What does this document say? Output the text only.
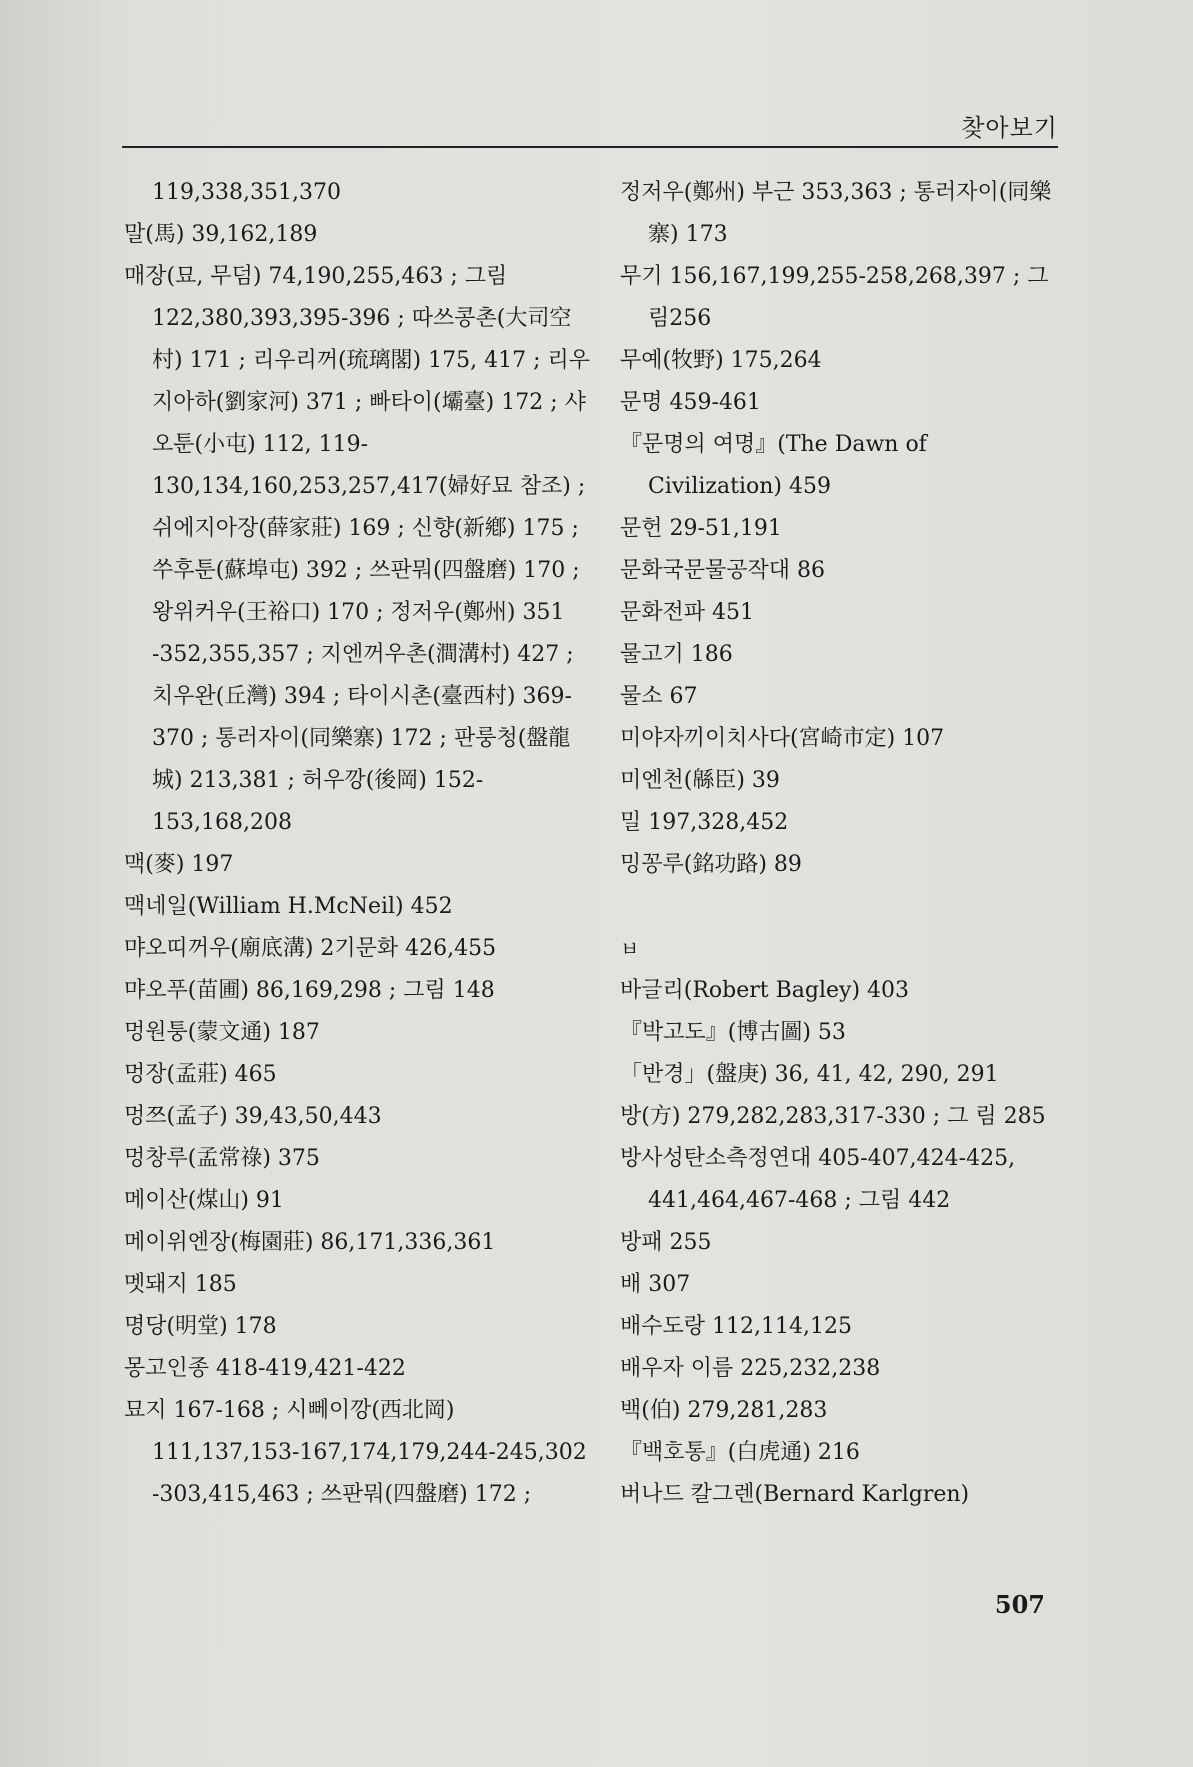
찾아보기
119,338,351,370
말(馬) 39,162,189
매장(묘, 무덤) 74,190,255,463 ; 그림 122,380,393,395-396 ; 따쓰콩촌(大司空村) 171 ; 리우리꺼(琉璃閣) 175, 417 ; 리우지아하(劉家河) 371 ; 빠타이(壩臺) 172 ; 샤오툰(小屯) 112, 119-130,134,160,253,257,417(婦好묘 참조) ; 쉬에지아장(薛家莊) 169 ; 신향(新鄕) 175 ; 쑤후툰(蘇埠屯) 392 ; 쓰판뭐(四盤磨) 170 ; 왕위커우(王裕口) 170 ; 정저우(鄭州) 351 -352,355,357 ; 지엔꺼우촌(澗溝村) 427 ; 치우완(丘灣) 394 ; 타이시촌(臺西村) 369-370 ; 통러자이(同樂寨) 172 ; 판룽청(盤龍城) 213,381 ; 허우깡(後岡) 152-153,168,208
맥(麥) 197
맥네일(William H.McNeil) 452
먀오띠꺼우(廟底溝) 2기문화 426,455
먀오푸(苗圃) 86,169,298 ; 그림 148
멍원퉁(蒙文通) 187
멍장(孟莊) 465
멍쯔(孟子) 39,43,50,443
멍창루(孟常祿) 375
메이산(煤山) 91
메이위엔장(梅園莊) 86,171,336,361
멧돼지 185
명당(明堂) 178
몽고인종 418-419,421-422
묘지 167-168 ; 시뻬이깡(西北岡) 111,137,153-167,174,179,244-245,302 -303,415,463 ; 쓰판뭐(四盤磨) 172 ;
정저우(鄭州) 부근 353,363 ; 통러자이(同樂寨) 173
무기 156,167,199,255-258,268,397 ; 그림256
무예(牧野) 175,264
문명 459-461
『문명의 여명』(The Dawn of Civilization) 459
문헌 29-51,191
문화국문물공작대 86
문화전파 451
물고기 186
물소 67
미야자끼이치사다(宮崎市定) 107
미엔천(緜臣) 39
밀 197,328,452
밍꽁루(銘功路) 89
ㅂ
바글리(Robert Bagley) 403
『박고도』(博古圖) 53
「반경」(盤庚) 36, 41, 42, 290, 291
방(方) 279,282,283,317-330 ; 그 림 285
방사성탄소측정연대 405-407,424-425, 441,464,467-468 ; 그림 442
방패 255
배 307
배수도랑 112,114,125
배우자 이름 225,232,238
백(伯) 279,281,283
『백호통』(白虎通) 216
버나드 칼그렌(Bernard Karlgren)
507
